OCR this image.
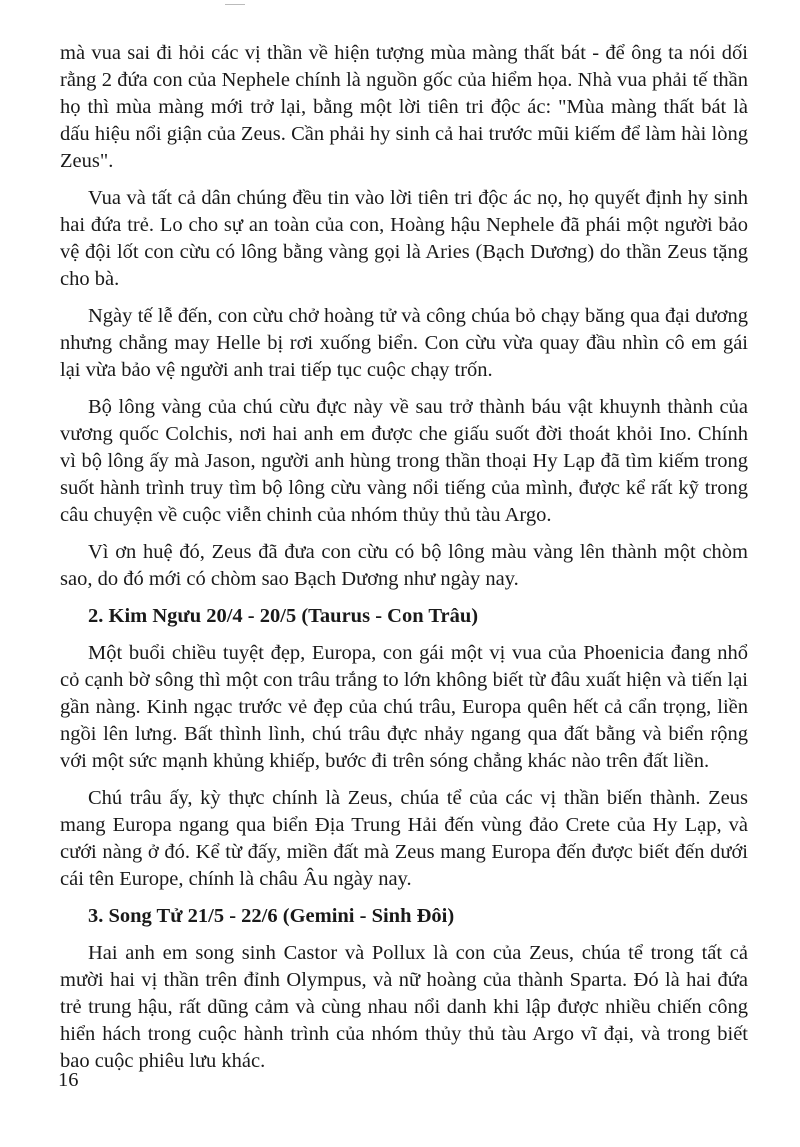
mà vua sai đi hỏi các vị thần về hiện tượng mùa màng thất bát - để ông ta nói dối rằng 2 đứa con của Nephele chính là nguồn gốc của hiểm họa. Nhà vua phải tế thần họ thì mùa màng mới trở lại, bằng một lời tiên tri độc ác: "Mùa màng thất bát là dấu hiệu nổi giận của Zeus. Cần phải hy sinh cả hai trước mũi kiếm để làm hài lòng Zeus".

Vua và tất cả dân chúng đều tin vào lời tiên tri độc ác nọ, họ quyết định hy sinh hai đứa trẻ. Lo cho sự an toàn của con, Hoàng hậu Nephele đã phái một người bảo vệ đội lốt con cừu có lông bằng vàng gọi là Aries (Bạch Dương) do thần Zeus tặng cho bà.

Ngày tế lễ đến, con cừu chở hoàng tử và công chúa bỏ chạy băng qua đại dương nhưng chẳng may Helle bị rơi xuống biển. Con cừu vừa quay đầu nhìn cô em gái lại vừa bảo vệ người anh trai tiếp tục cuộc chạy trốn.

Bộ lông vàng của chú cừu đực này về sau trở thành báu vật khuynh thành của vương quốc Colchis, nơi hai anh em được che giấu suốt đời thoát khỏi Ino. Chính vì bộ lông ấy mà Jason, người anh hùng trong thần thoại Hy Lạp đã tìm kiếm trong suốt hành trình truy tìm bộ lông cừu vàng nổi tiếng của mình, được kể rất kỹ trong câu chuyện về cuộc viễn chinh của nhóm thủy thủ tàu Argo.

Vì ơn huệ đó, Zeus đã đưa con cừu có bộ lông màu vàng lên thành một chòm sao, do đó mới có chòm sao Bạch Dương như ngày nay.

2. Kim Ngưu 20/4 - 20/5 (Taurus - Con Trâu)

Một buổi chiều tuyệt đẹp, Europa, con gái một vị vua của Phoenicia đang nhổ cỏ cạnh bờ sông thì một con trâu trắng to lớn không biết từ đâu xuất hiện và tiến lại gần nàng. Kinh ngạc trước vẻ đẹp của chú trâu, Europa quên hết cả cẩn trọng, liền ngồi lên lưng. Bất thình lình, chú trâu đực nhảy ngang qua đất bằng và biển rộng với một sức mạnh khủng khiếp, bước đi trên sóng chẳng khác nào trên đất liền.

Chú trâu ấy, kỳ thực chính là Zeus, chúa tể của các vị thần biến thành. Zeus mang Europa ngang qua biển Địa Trung Hải đến vùng đảo Crete của Hy Lạp, và cưới nàng ở đó. Kể từ đấy, miền đất mà Zeus mang Europa đến được biết đến dưới cái tên Europe, chính là châu Âu ngày nay.

3. Song Tử 21/5 - 22/6 (Gemini - Sinh Đôi)

Hai anh em song sinh Castor và Pollux là con của Zeus, chúa tể trong tất cả mười hai vị thần trên đỉnh Olympus, và nữ hoàng của thành Sparta. Đó là hai đứa trẻ trung hậu, rất dũng cảm và cùng nhau nổi danh khi lập được nhiều chiến công hiển hách trong cuộc hành trình của nhóm thủy thủ tàu Argo vĩ đại, và trong biết bao cuộc phiêu lưu khác.

16
